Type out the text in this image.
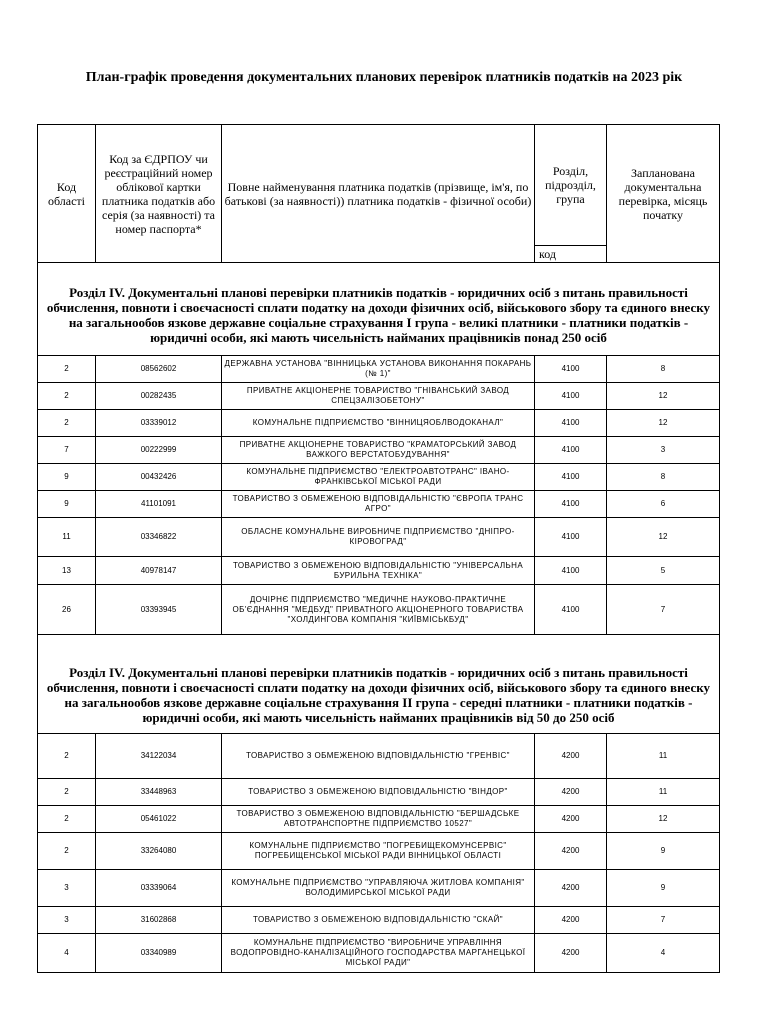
План-графік проведення документальних планових перевірок платників податків на 2023 рік
Код області	Код за ЄДРПОУ чи реєстраційний номер облікової картки платника податків або серія (за наявності) та номер паспорта*	Повне найменування платника податків (прізвище, ім'я, по батькові (за наявності)) платника податків - фізичної особи)	Розділ, підрозділ, група	Запланована документальна перевірка, місяць початку
			код	
Розділ IV. Документальні планові перевірки платників податків - юридичних осіб з питань правильності обчислення, повноти і своєчасності сплати податку на доходи фізичних осіб, військового збору та єдиного внеску на загальнообов язкове державне соціальне страхування І група - великі платники - платники податків - юридичні особи, які мають чисельність найманих працівників понад 250 осіб				
2	08562602	ДЕРЖАВНА УСТАНОВА "ВІННИЦЬКА УСТАНОВА ВИКОНАННЯ ПОКАРАНЬ (№ 1)"	4100	8
2	00282435	ПРИВАТНЕ АКЦІОНЕРНЕ ТОВАРИСТВО "ГНІВАНСЬКИЙ ЗАВОД СПЕЦЗАЛІЗОБЕТОНУ"	4100	12
2	03339012	КОМУНАЛЬНЕ ПІДПРИЄМСТВО "ВІННИЦЯОБЛВОДОКАНАЛ"	4100	12
7	00222999	ПРИВАТНЕ АКЦІОНЕРНЕ ТОВАРИСТВО "КРАМАТОРСЬКИЙ ЗАВОД ВАЖКОГО ВЕРСТАТОБУДУВАННЯ"	4100	3
9	00432426	КОМУНАЛЬНЕ ПІДПРИЄМСТВО "ЕЛЕКТРОАВТОТРАНС" ІВАНО-ФРАНКІВСЬКОЇ МІСЬКОЇ РАДИ	4100	8
9	41101091	ТОВАРИСТВО З ОБМЕЖЕНОЮ ВІДПОВІДАЛЬНІСТЮ "ЄВРОПА ТРАНС АГРО"	4100	6
11	03346822	ОБЛАСНЕ КОМУНАЛЬНЕ ВИРОБНИЧЕ ПІДПРИЄМСТВО "ДНІПРО-КІРОВОГРАД"	4100	12
13	40978147	ТОВАРИСТВО З ОБМЕЖЕНОЮ ВІДПОВІДАЛЬНІСТЮ "УНІВЕРСАЛЬНА БУРИЛЬНА ТЕХНІКА"	4100	5
26	03393945	ДОЧІРНЄ ПІДПРИЄМСТВО "МЕДИЧНЕ НАУКОВО-ПРАКТИЧНЕ ОБ'ЄДНАННЯ "МЕДБУД" ПРИВАТНОГО АКЦІОНЕРНОГО ТОВАРИСТВА "ХОЛДИНГОВА КОМПАНІЯ "КИЇВМІСЬКБУД"	4100	7
Розділ IV. Документальні планові перевірки платників податків - юридичних осіб з питань правильності обчислення, повноти і своєчасності сплати податку на доходи фізичних осіб, військового збору та єдиного внеску на загальнообов язкове державне соціальне страхування ІІ група - середні платники - платники податків - юридичні особи, які мають чисельність найманих працівників від 50 до 250 осіб				
2	34122034	ТОВАРИСТВО З ОБМЕЖЕНОЮ ВІДПОВІДАЛЬНІСТЮ "ГРЕНВІС"	4200	11
2	33448963	ТОВАРИСТВО З ОБМЕЖЕНОЮ ВІДПОВІДАЛЬНІСТЮ "ВІНДОР"	4200	11
2	05461022	ТОВАРИСТВО З ОБМЕЖЕНОЮ ВІДПОВІДАЛЬНІСТЮ "БЕРШАДСЬКЕ АВТОТРАНСПОРТНЕ ПІДПРИЄМСТВО 10527"	4200	12
2	33264080	КОМУНАЛЬНЕ ПІДПРИЄМСТВО "ПОГРЕБИЩЕКОМУНСЕРВІС" ПОГРЕБИЩЕНСЬКОЇ МІСЬКОЇ РАДИ ВІННИЦЬКОЇ ОБЛАСТІ	4200	9
3	03339064	КОМУНАЛЬНЕ ПІДПРИЄМСТВО "УПРАВЛЯЮЧА ЖИТЛОВА КОМПАНІЯ" ВОЛОДИМИРСЬКОЇ МІСЬКОЇ РАДИ	4200	9
3	31602868	ТОВАРИСТВО З ОБМЕЖЕНОЮ ВІДПОВІДАЛЬНІСТЮ "СКАЙ"	4200	7
4	03340989	КОМУНАЛЬНЕ ПІДПРИЄМСТВО "ВИРОБНИЧЕ УПРАВЛІННЯ ВОДОПРОВІДНО-КАНАЛІЗАЦІЙНОГО ГОСПОДАРСТВА МАРГАНЕЦЬКОЇ МІСЬКОЇ РАДИ"	4200	4
